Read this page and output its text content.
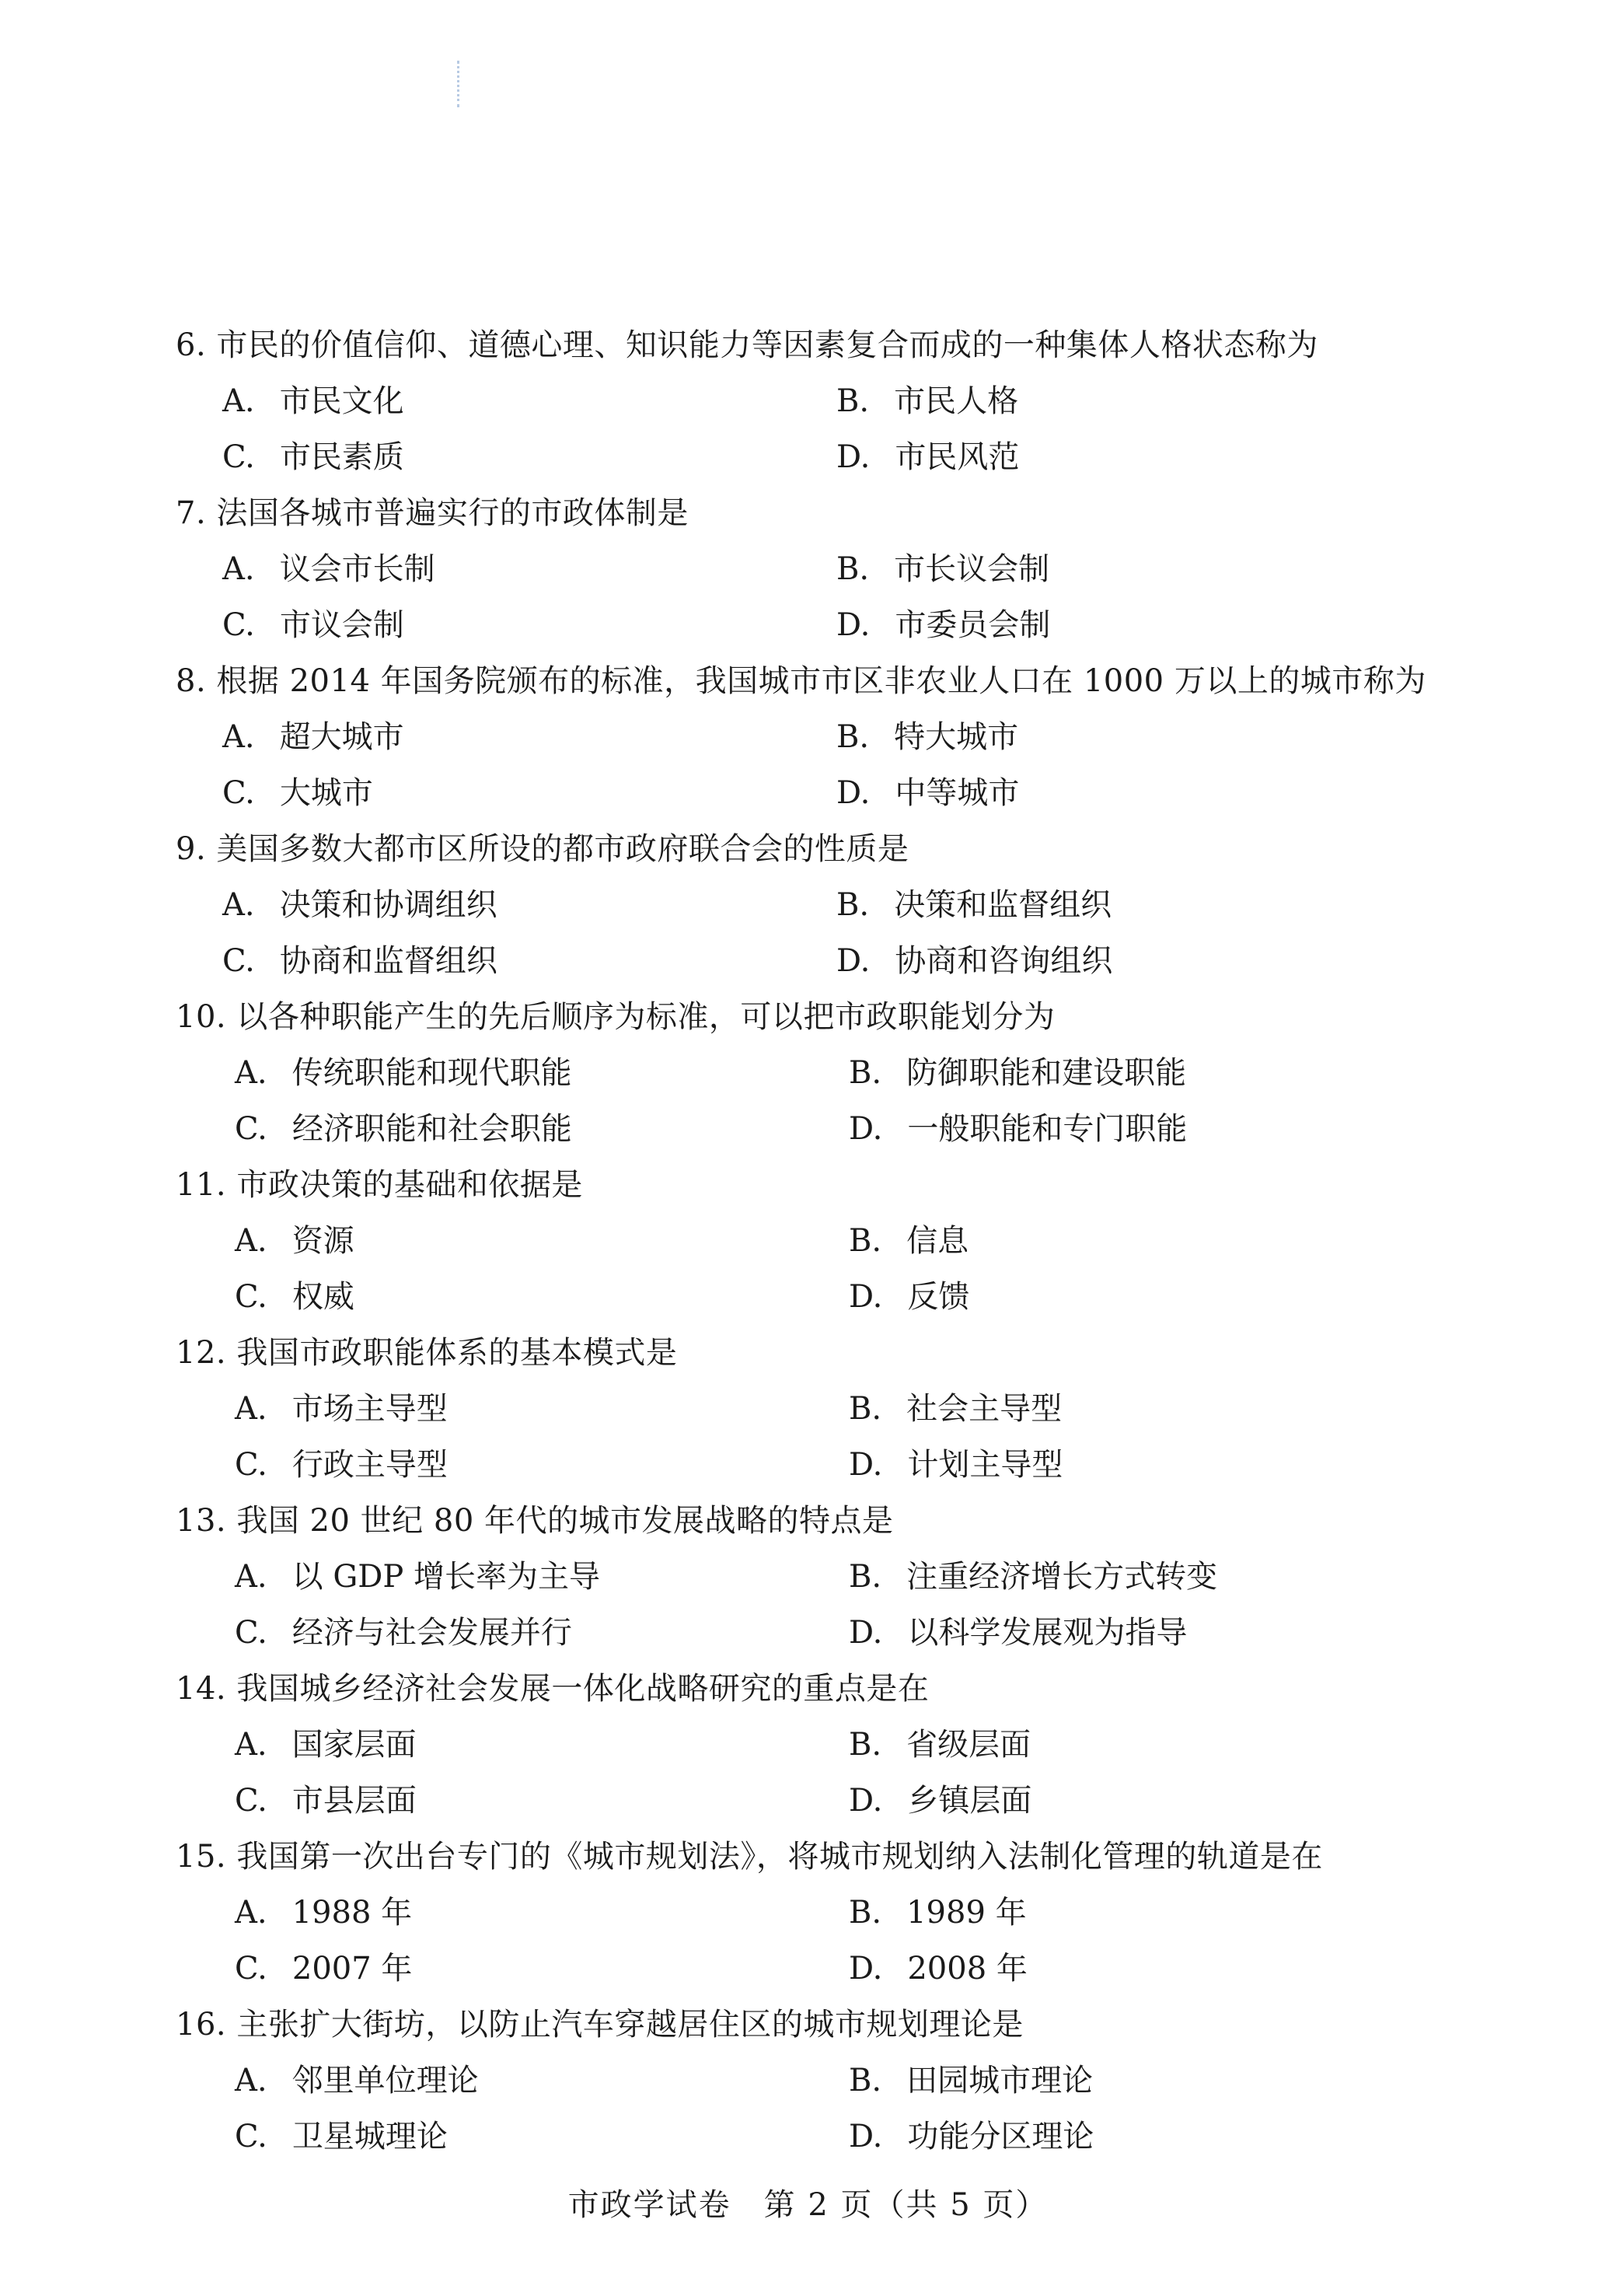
6. 市民的价值信仰、道德心理、知识能力等因素复合而成的一种集体人格状态称为
A. 市民文化	B. 市民人格
C. 市民素质	D. 市民风范
7. 法国各城市普遍实行的市政体制是
A. 议会市长制	B. 市长议会制
C. 市议会制	D. 市委员会制
8. 根据 2014 年国务院颁布的标准，我国城市市区非农业人口在 1000 万以上的城市称为
A. 超大城市	B. 特大城市
C. 大城市	D. 中等城市
9. 美国多数大都市区所设的都市政府联合会的性质是
A. 决策和协调组织	B. 决策和监督组织
C. 协商和监督组织	D. 协商和咨询组织
10. 以各种职能产生的先后顺序为标准，可以把市政职能划分为
A. 传统职能和现代职能	B. 防御职能和建设职能
C. 经济职能和社会职能	D. 一般职能和专门职能
11. 市政决策的基础和依据是
A. 资源	B. 信息
C. 权威	D. 反馈
12. 我国市政职能体系的基本模式是
A. 市场主导型	B. 社会主导型
C. 行政主导型	D. 计划主导型
13. 我国 20 世纪 80 年代的城市发展战略的特点是
A. 以 GDP 增长率为主导	B. 注重经济增长方式转变
C. 经济与社会发展并行	D. 以科学发展观为指导
14. 我国城乡经济社会发展一体化战略研究的重点是在
A. 国家层面	B. 省级层面
C. 市县层面	D. 乡镇层面
15. 我国第一次出台专门的《城市规划法》，将城市规划纳入法制化管理的轨道是在
A. 1988 年	B. 1989 年
C. 2007 年	D. 2008 年
16. 主张扩大街坊，以防止汽车穿越居住区的城市规划理论是
A. 邻里单位理论	B. 田园城市理论
C. 卫星城理论	D. 功能分区理论
市政学试卷　第 2 页（共 5 页）
